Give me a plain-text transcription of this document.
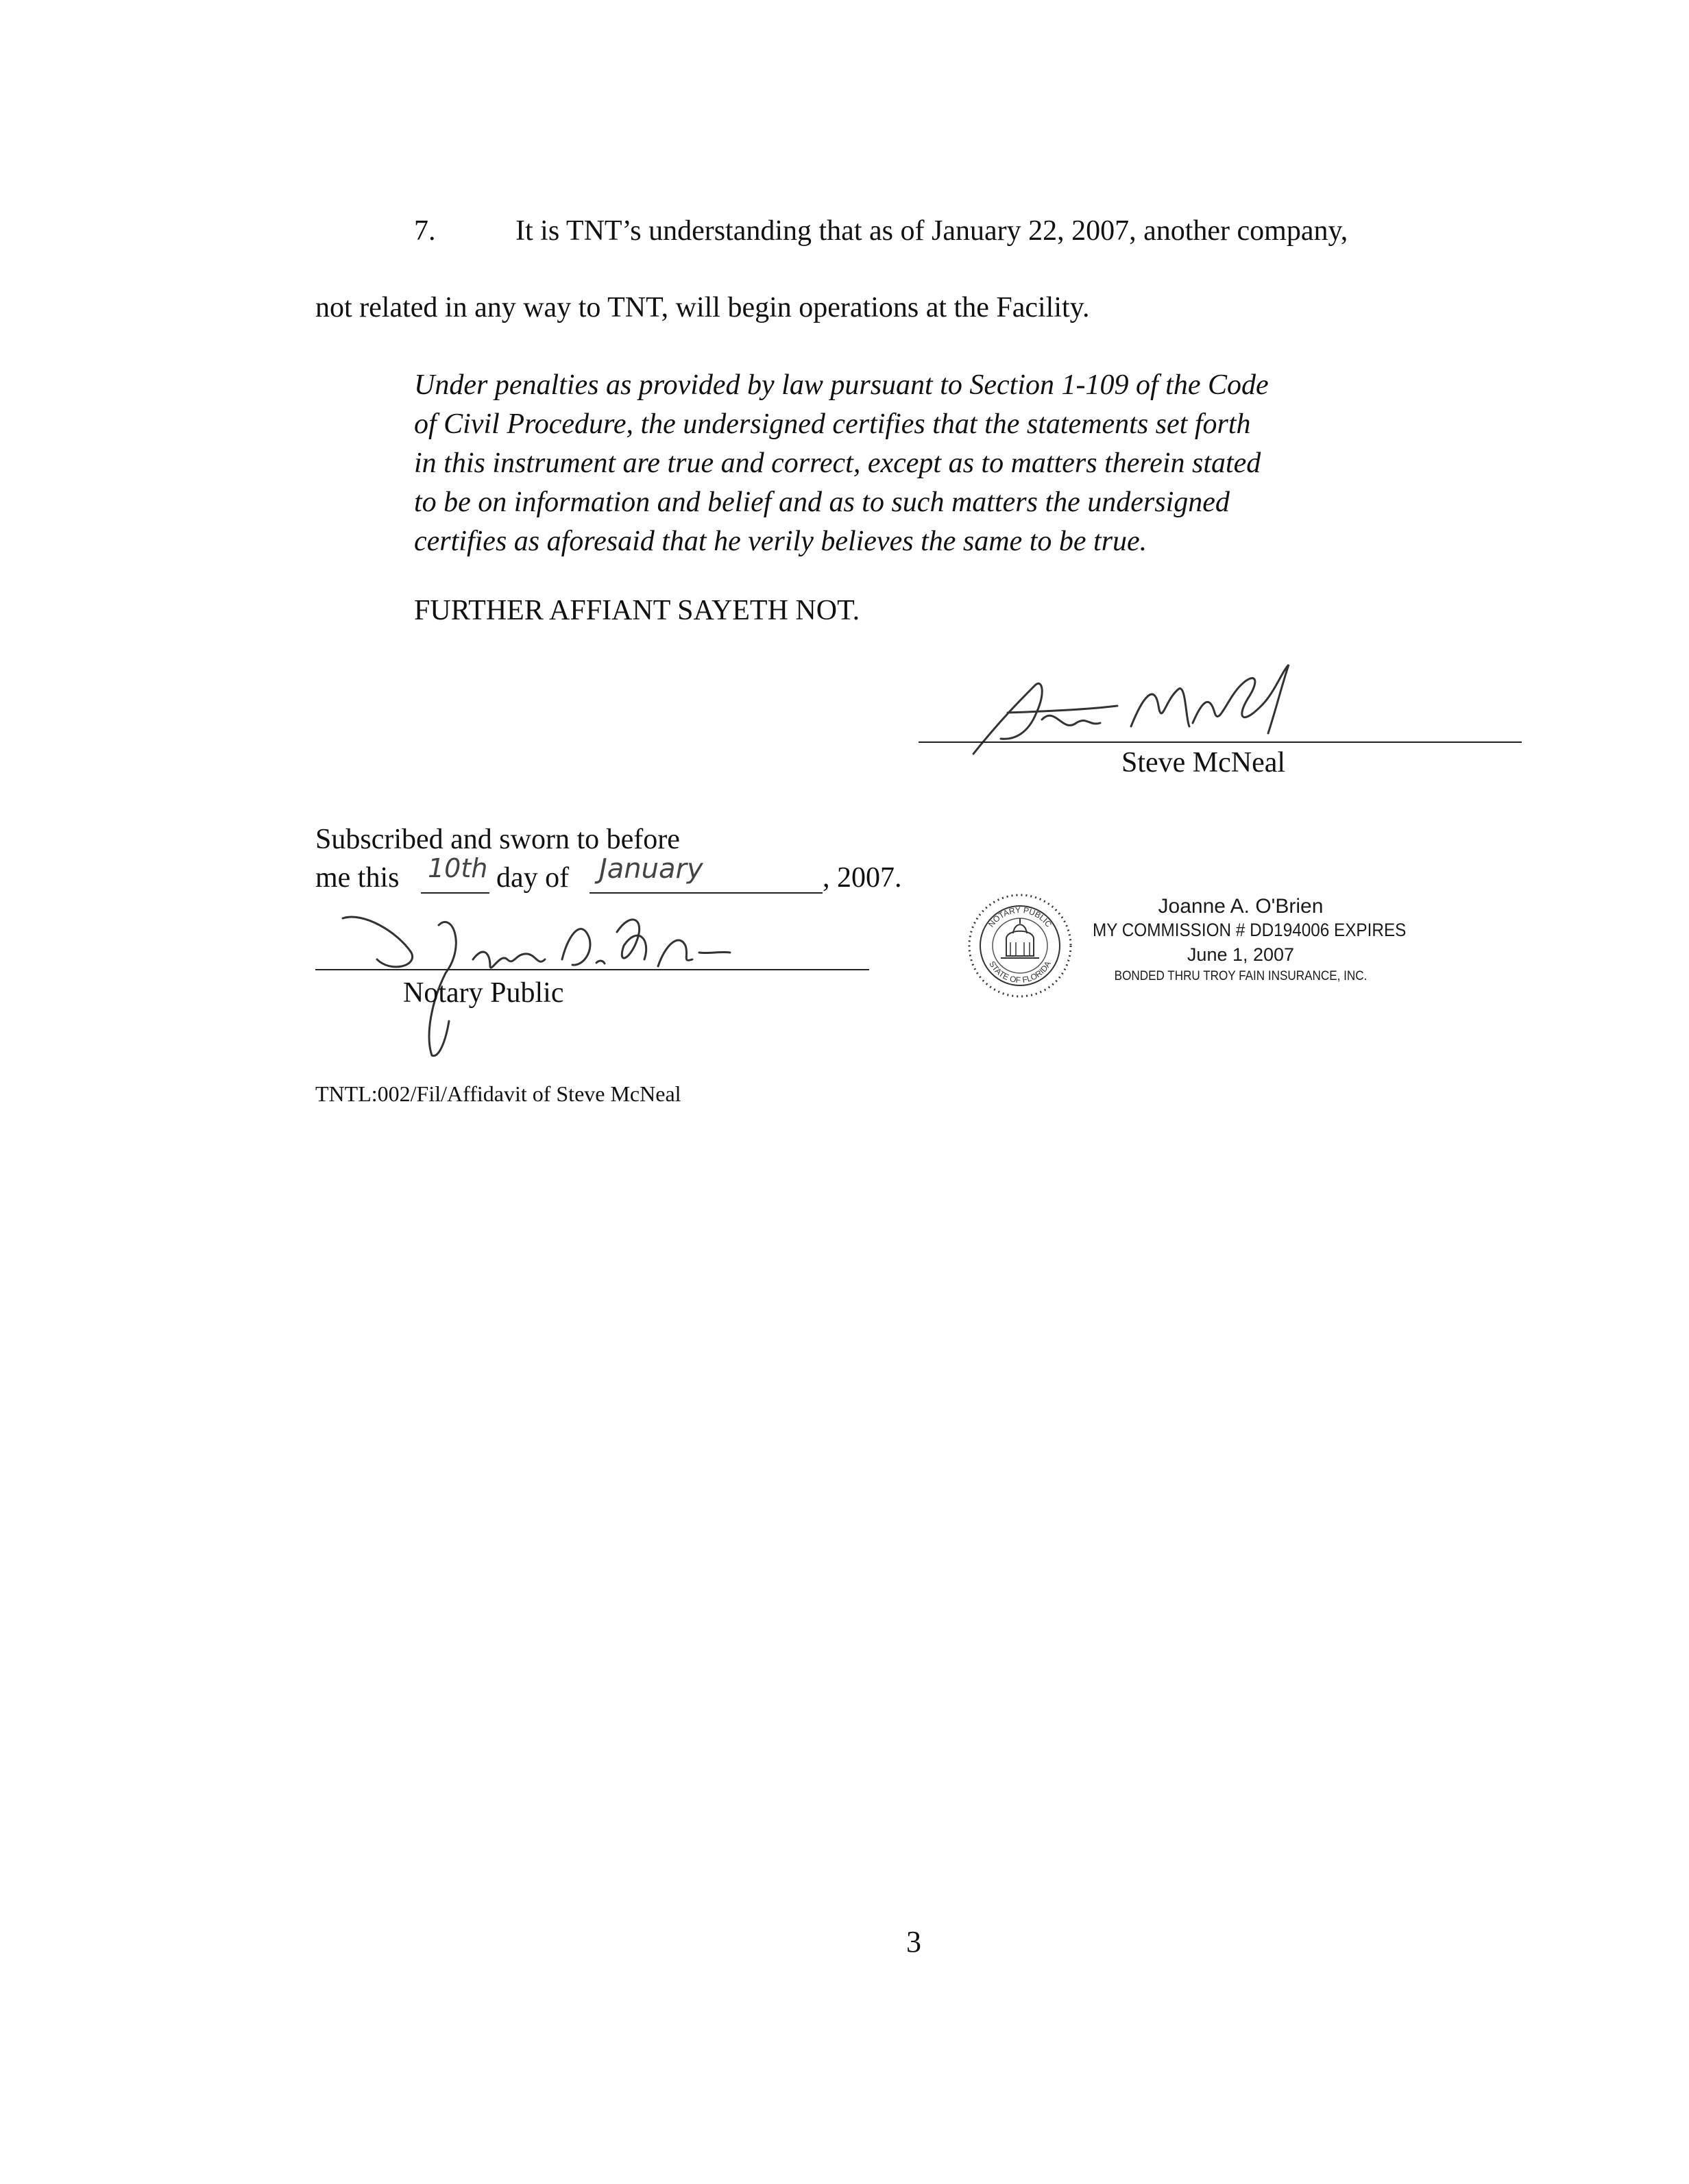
7.	It is TNT’s understanding that as of January 22, 2007, another company,
not related in any way to TNT, will begin operations at the Facility.
Under penalties as provided by law pursuant to Section 1-109 of the Code
of Civil Procedure, the undersigned certifies that the statements set forth
in this instrument are true and correct, except as to matters therein stated
to be on information and belief and as to such matters the undersigned
certifies as aforesaid that he verily believes the same to be true.
FURTHER AFFIANT SAYETH NOT.
Steve McNeal
Subscribed and sworn to before
me this 10th day of January	, 2007.
Notary Public
NOTARY PUBLIC
STATE OF FLORIDA
Joanne A. O'Brien
MY COMMISSION # DD194006 EXPIRES
June 1, 2007
BONDED THRU TROY FAIN INSURANCE, INC.
TNTL:002/Fil/Affidavit of Steve McNeal
3
